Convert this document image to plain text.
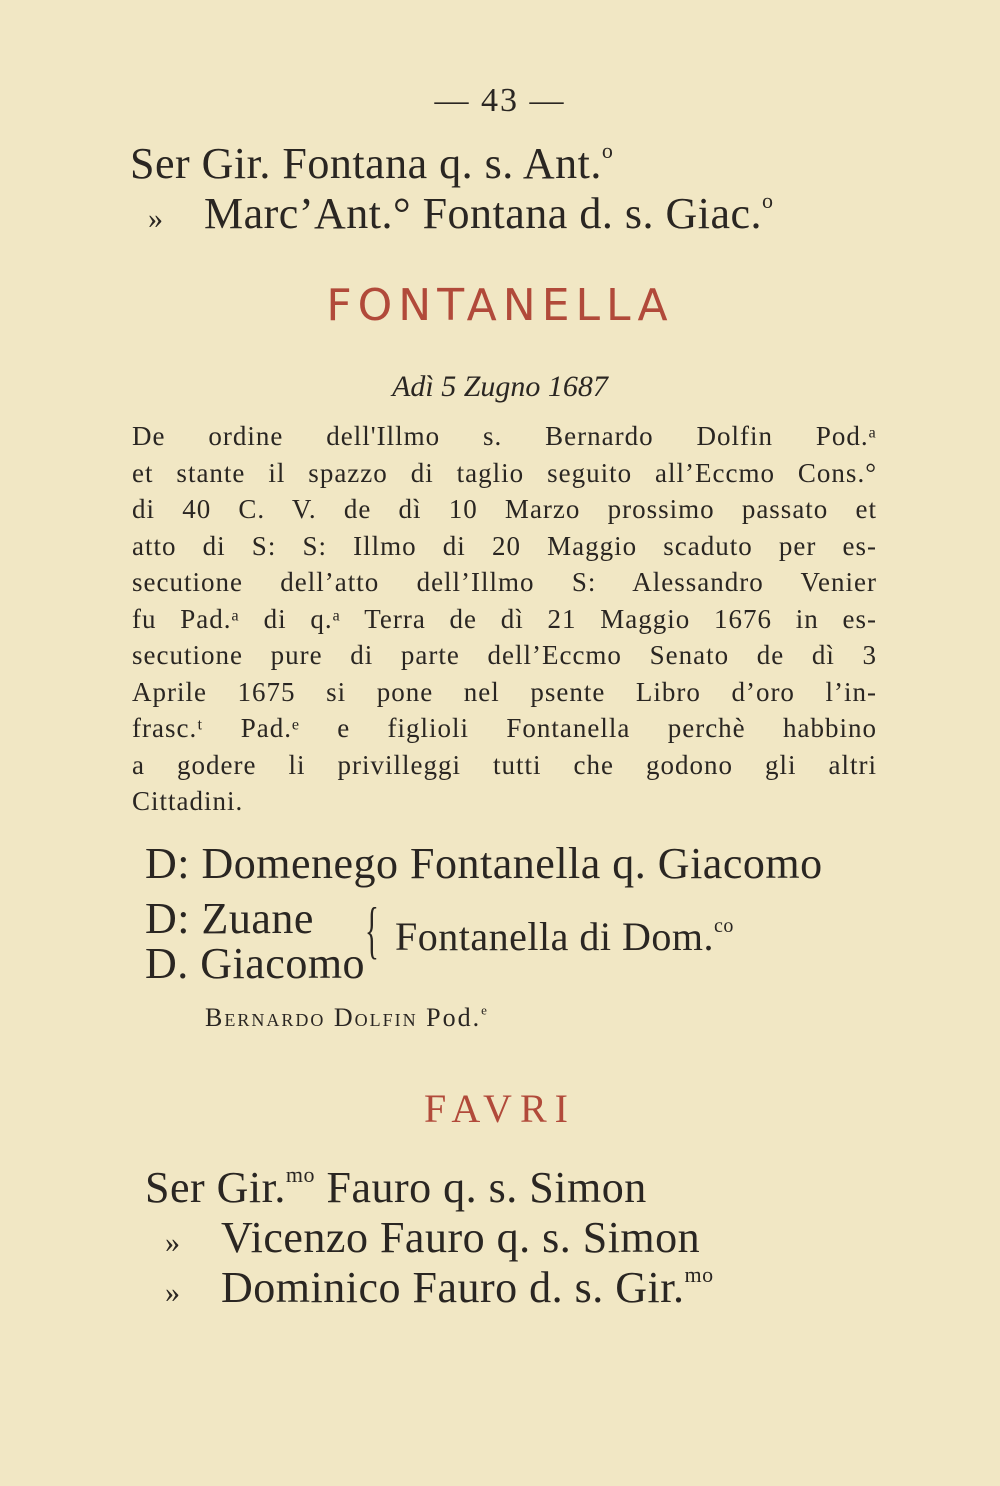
— 43 —
Ser Gir. Fontana q. s. Ant.$^o$
» Marc’Ant.° Fontana d. s. Giac.$^o$
FONTANELLA
Adì 5 Zugno 1687
De ordine dell'Illmo s. Bernardo Dolfin Pod.ᵃ
et stante il spazzo di taglio seguito all’Eccmo Cons.°
di 40 C. V. de dì 10 Marzo prossimo passato et
atto di S: S: Illmo di 20 Maggio scaduto per es-
secutione dell’atto dell’Illmo S: Alessandro Venier
fu Pad.ᵃ di q.ᵃ Terra de dì 21 Maggio 1676 in es-
secutione pure di parte dell’Eccmo Senato de dì 3
Aprile 1675 si pone nel psente Libro d’oro l’in-
frasc.ᵗ Pad.ᵉ e figlioli Fontanella perchè habbino
a godere li privilleggi tutti che godono gli altri
Cittadini.
D: Domenego Fontanella q. Giacomo
D: Zuane
D. Giacomo { Fontanella di Dom.$^{co}$
Bernardo Dolfin Pod.$^e$
FAVRI
Ser Gir.$^{mo}$ Fauro q. s. Simon
» Vicenzo Fauro q. s. Simon
» Dominico Fauro d. s. Gir.$^{mo}$
